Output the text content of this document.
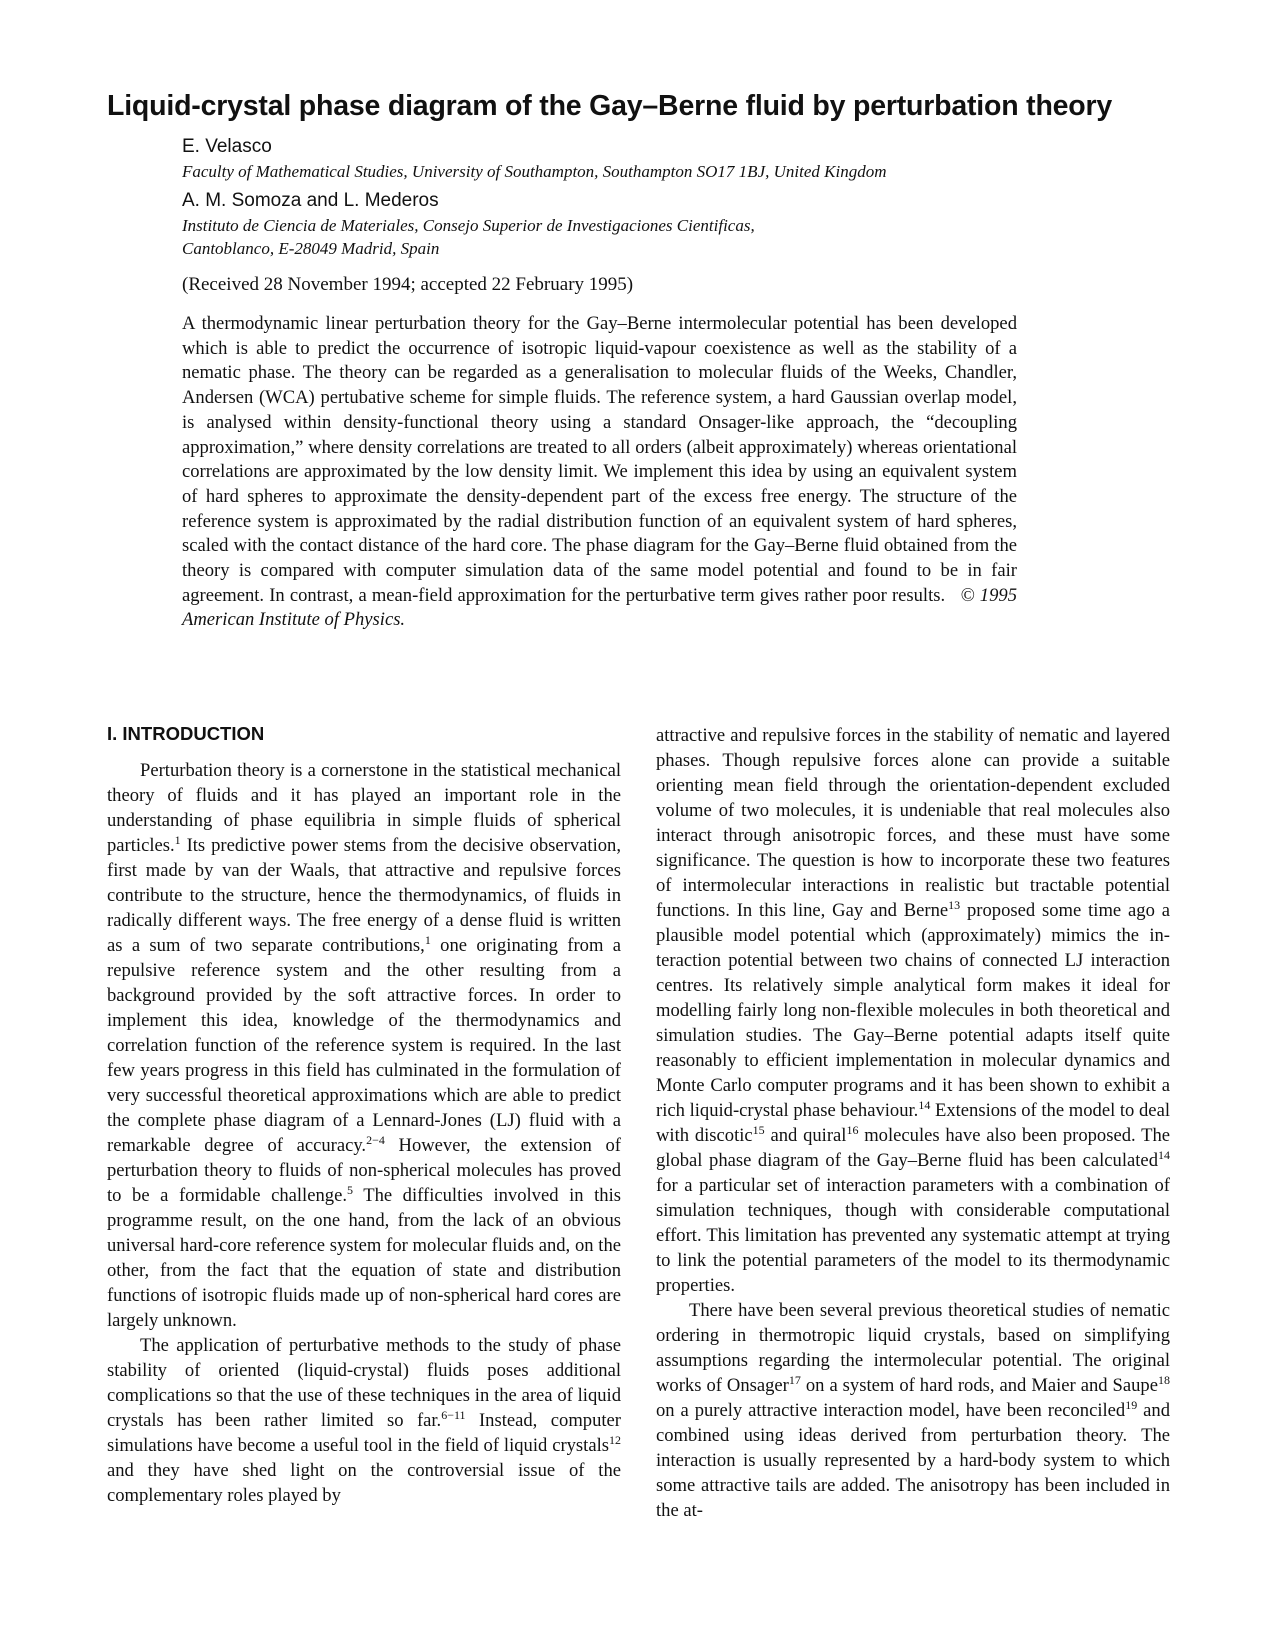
Liquid-crystal phase diagram of the Gay–Berne fluid by perturbation theory

E. Velasco

Faculty of Mathematical Studies, University of Southampton, Southampton SO17 1BJ, United Kingdom

A. M. Somoza and L. Mederos

Instituto de Ciencia de Materiales, Consejo Superior de Investigaciones Cientificas,

Cantoblanco, E-28049 Madrid, Spain

(Received 28 November 1994; accepted 22 February 1995)

A thermodynamic linear perturbation theory for the Gay–Berne intermolecular potential has been developed which is able to predict the occurrence of isotropic liquid-vapour coexistence as well as the stability of a nematic phase. The theory can be regarded as a generalisation to molecular fluids of the Weeks, Chandler, Andersen (WCA) pertubative scheme for simple fluids. The reference system, a hard Gaussian overlap model, is analysed within density-functional theory using a standard Onsager-like approach, the “decoupling approximation,” where density correlations are treated to all orders (albeit approximately) whereas orientational correlations are approximated by the low density limit. We implement this idea by using an equivalent system of hard spheres to approximate the density-dependent part of the excess free energy. The structure of the reference system is approximated by the radial distribution function of an equivalent system of hard spheres, scaled with the contact distance of the hard core. The phase diagram for the Gay–Berne fluid obtained from the theory is compared with computer simulation data of the same model potential and found to be in fair agreement. In contrast, a mean-field approximation for the perturbative term gives rather poor results. © 1995 American Institute of Physics.

I. INTRODUCTION

Perturbation theory is a cornerstone in the statistical mechanical theory of fluids and it has played an important role in the understanding of phase equilibria in simple fluids of spherical particles.$^1$ Its predictive power stems from the decisive observation, first made by van der Waals, that attractive and repulsive forces contribute to the structure, hence the thermodynamics, of fluids in radically different ways. The free energy of a dense fluid is written as a sum of two separate contributions,$^1$ one originating from a repulsive reference system and the other resulting from a background provided by the soft attractive forces. In order to implement this idea, knowledge of the thermodynamics and correlation function of the reference system is required. In the last few years progress in this field has culminated in the formulation of very successful theoretical approximations which are able to predict the complete phase diagram of a Lennard-Jones (LJ) fluid with a remarkable degree of accuracy.$^{2-4}$ However, the extension of perturbation theory to fluids of non-spherical molecules has proved to be a formidable challenge.$^5$ The difficulties involved in this programme result, on the one hand, from the lack of an obvious universal hard-core reference system for molecular fluids and, on the other, from the fact that the equation of state and distribution functions of isotropic fluids made up of non-spherical hard cores are largely unknown.

The application of perturbative methods to the study of phase stability of oriented (liquid-crystal) fluids poses additional complications so that the use of these techniques in the area of liquid crystals has been rather limited so far.$^{6-11}$ Instead, computer simulations have become a useful tool in the field of liquid crystals$^{12}$ and they have shed light on the controversial issue of the complementary roles played by

attractive and repulsive forces in the stability of nematic and layered phases. Though repulsive forces alone can provide a suitable orienting mean field through the orientation-dependent excluded volume of two molecules, it is undeniable that real molecules also interact through anisotropic forces, and these must have some significance. The question is how to incorporate these two features of intermolecular interactions in realistic but tractable potential functions. In this line, Gay and Berne$^{13}$ proposed some time ago a plausible model potential which (approximately) mimics the interaction potential between two chains of connected LJ interaction centres. Its relatively simple analytical form makes it ideal for modelling fairly long non-flexible molecules in both theoretical and simulation studies. The Gay–Berne potential adapts itself quite reasonably to efficient implementation in molecular dynamics and Monte Carlo computer programs and it has been shown to exhibit a rich liquid-crystal phase behaviour.$^{14}$ Extensions of the model to deal with discotic$^{15}$ and quiral$^{16}$ molecules have also been proposed. The global phase diagram of the Gay–Berne fluid has been calculated$^{14}$ for a particular set of interaction parameters with a combination of simulation techniques, though with considerable computational effort. This limitation has prevented any systematic attempt at trying to link the potential parameters of the model to its thermodynamic properties.

There have been several previous theoretical studies of nematic ordering in thermotropic liquid crystals, based on simplifying assumptions regarding the intermolecular potential. The original works of Onsager$^{17}$ on a system of hard rods, and Maier and Saupe$^{18}$ on a purely attractive interaction model, have been reconciled$^{19}$ and combined using ideas derived from perturbation theory. The interaction is usually represented by a hard-body system to which some attractive tails are added. The anisotropy has been included in the at-
